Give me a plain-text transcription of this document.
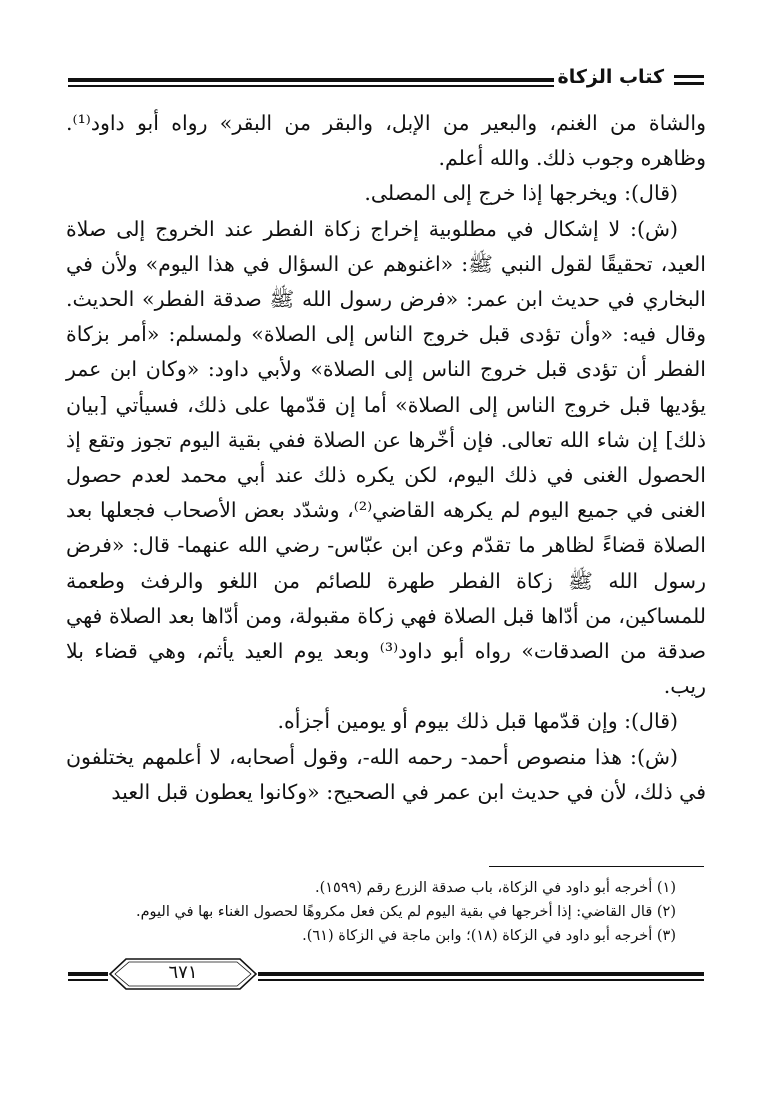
كتاب الزكاة

والشاة من الغنم، والبعير من الإبل، والبقر من البقر» رواه أبو داود⁽¹⁾. وظاهره وجوب ذلك. والله أعلم.

(قال): ويخرجها إذا خرج إلى المصلى.

(ش): لا إشكال في مطلوبية إخراج زكاة الفطر عند الخروج إلى صلاة العيد، تحقيقًا لقول النبي ﷺ: «اغنوهم عن السؤال في هذا اليوم» ولأن في البخاري في حديث ابن عمر: «فرض رسول الله ﷺ صدقة الفطر» الحديث. وقال فيه: «وأن تؤدى قبل خروج الناس إلى الصلاة» ولمسلم: «أمر بزكاة الفطر أن تؤدى قبل خروج الناس إلى الصلاة» ولأبي داود: «وكان ابن عمر يؤديها قبل خروج الناس إلى الصلاة» أما إن قدّمها على ذلك، فسيأتي [بيان ذلك] إن شاء الله تعالى. فإن أخّرها عن الصلاة ففي بقية اليوم تجوز وتقع إذ الحصول الغنى في ذلك اليوم، لكن يكره ذلك عند أبي محمد لعدم حصول الغنى في جميع اليوم لم يكرهه القاضي⁽²⁾، وشدّد بعض الأصحاب فجعلها بعد الصلاة قضاءً لظاهر ما تقدّم وعن ابن عبّاس- رضي الله عنهما- قال: «فرض رسول الله ﷺ زكاة الفطر طهرة للصائم من اللغو والرفث وطعمة للمساكين، من أدّاها قبل الصلاة فهي زكاة مقبولة، ومن أدّاها بعد الصلاة فهي صدقة من الصدقات» رواه أبو داود⁽³⁾ وبعد يوم العيد يأثم، وهي قضاء بلا ريب.

(قال): وإن قدّمها قبل ذلك بيوم أو يومين أجزأه.

(ش): هذا منصوص أحمد- رحمه الله-، وقول أصحابه، لا أعلمهم يختلفون في ذلك، لأن في حديث ابن عمر في الصحيح: «وكانوا يعطون قبل العيد

(١) أخرجه أبو داود في الزكاة، باب صدقة الزرع رقم (١٥٩٩).

(٢) قال القاضي: إذا أخرجها في بقية اليوم لم يكن فعل مكروهًا لحصول الغناء بها في اليوم.

(٣) أخرجه أبو داود في الزكاة (١٨)؛ وابن ماجة في الزكاة (٦١).

٦٧١
